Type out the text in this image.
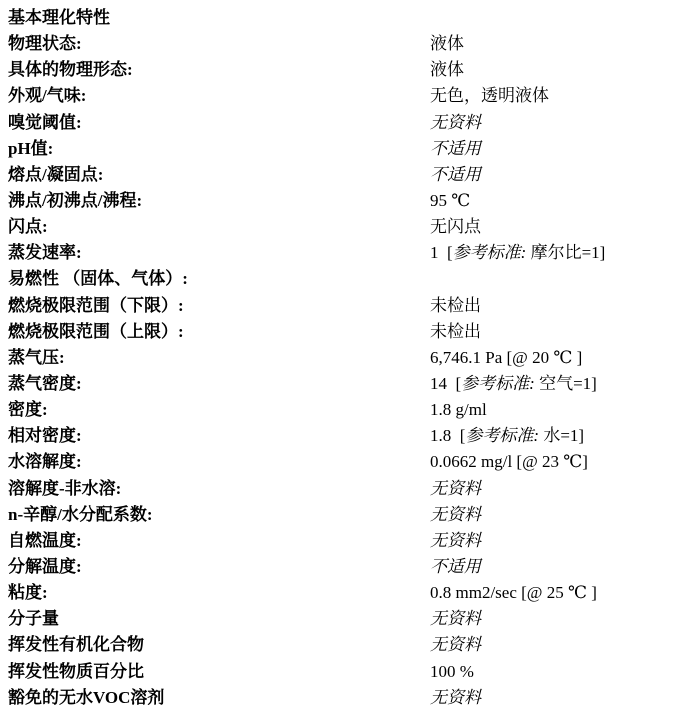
基本理化特性
物理状态:	液体
具体的物理形态:	液体
外观/气味:	无色，透明液体
嗅觉阈值:	无资料
pH值:	不适用
熔点/凝固点:	不适用
沸点/初沸点/沸程:	95 ℃
闪点:	无闪点
蒸发速率:	1  [参考标准: 摩尔比=1]
易燃性 （固体、气体）:
燃烧极限范围（下限）:	未检出
燃烧极限范围（上限）:	未检出
蒸气压:	6,746.1 Pa [@ 20 ℃ ]
蒸气密度:	14  [参考标准: 空气=1]
密度:	1.8 g/ml
相对密度:	1.8  [参考标准: 水=1]
水溶解度:	0.0662 mg/l [@ 23 ℃]
溶解度-非水溶:	无资料
n-辛醇/水分配系数:	无资料
自燃温度:	无资料
分解温度:	不适用
粘度:	0.8 mm2/sec [@ 25 ℃ ]
分子量	无资料
挥发性有机化合物	无资料
挥发性物质百分比	100 %
豁免的无水VOC溶剂	无资料
